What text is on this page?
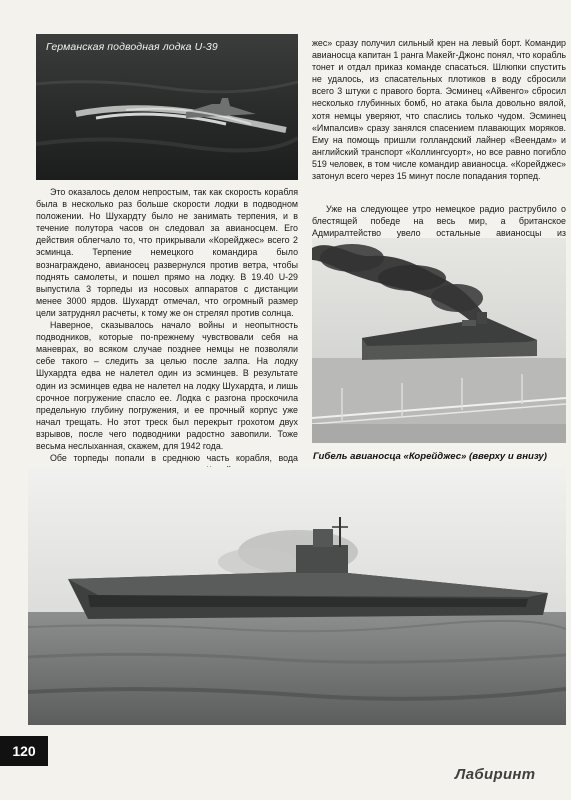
Германская подводная лодка U-39	жес» сразу получил сильный крен на левый борт. Командир авианосца капитан 1 ранга Макейг-Джонс понял, что корабль тонет и отдал приказ команде спасаться. Шлюпки спустить не удалось, из спасательных плотиков в воду сбросили всего 3 штуки с правого борта. Эсминец «Айвенго» сбросил несколько глубинных бомб, но атака была довольно вялой, хотя немцы уверяют, что спаслись только чудом. Эсминец «Импалсив» сразу занялся спасением плавающих моряков. Ему на помощь пришли голландский лайнер «Веендам» и английский транспорт «Коллингсуорт», но все равно погибло 519 человек, в том числе командир авианосца. «Корейджес» затонул всего через 15 минут после попадания торпед.

Уже на следующее утро немецкое радио раструбило о блестящей победе на весь мир, а британское Адмиралтейство увело остальные авианосцы из

Гибель авианосца «Корейджес» (вверху и внизу)

Это оказалось делом непростым, так как скорость корабля была в несколько раз больше скорости лодки в подводном положении. Но Шухардту было не занимать терпения, и в течение полутора часов он следовал за авианосцем. Его действия облегчало то, что прикрывали «Корейджес» всего 2 эсминца. Терпение немецкого командира было вознаграждено, авианосец развернулся против ветра, чтобы поднять самолеты, и пошел прямо на лодку. В 19.40 U-29 выпустила 3 торпеды из носовых аппаратов с дистанции менее 3000 ярдов. Шухардт отмечал, что огромный размер цели затруднял расчеты, к тому же он стрелял против солнца.

Наверное, сказывалось начало войны и неопытность подводников, которые по-прежнему чувствовали себя на маневрах, во всяком случае позднее немцы не позволяли себе такого – следить за целью после залпа. На лодку Шухардта едва не налетел один из эсминцев. В результате один из эсминцев едва не налетел на лодку Шухардта, и лишь срочное погружение спасло ее. Лодка с разгона проскочила предельную глубину погружения, и ее прочный корпус уже начал трещать. Но этот треск был перекрыт грохотом двух взрывов, после чего подводники радостно завопили. Тоже весьма неслыханная, скажем, для 1942 года.

Обе торпеды попали в среднюю часть корабля, вода

120
Лабиринт
